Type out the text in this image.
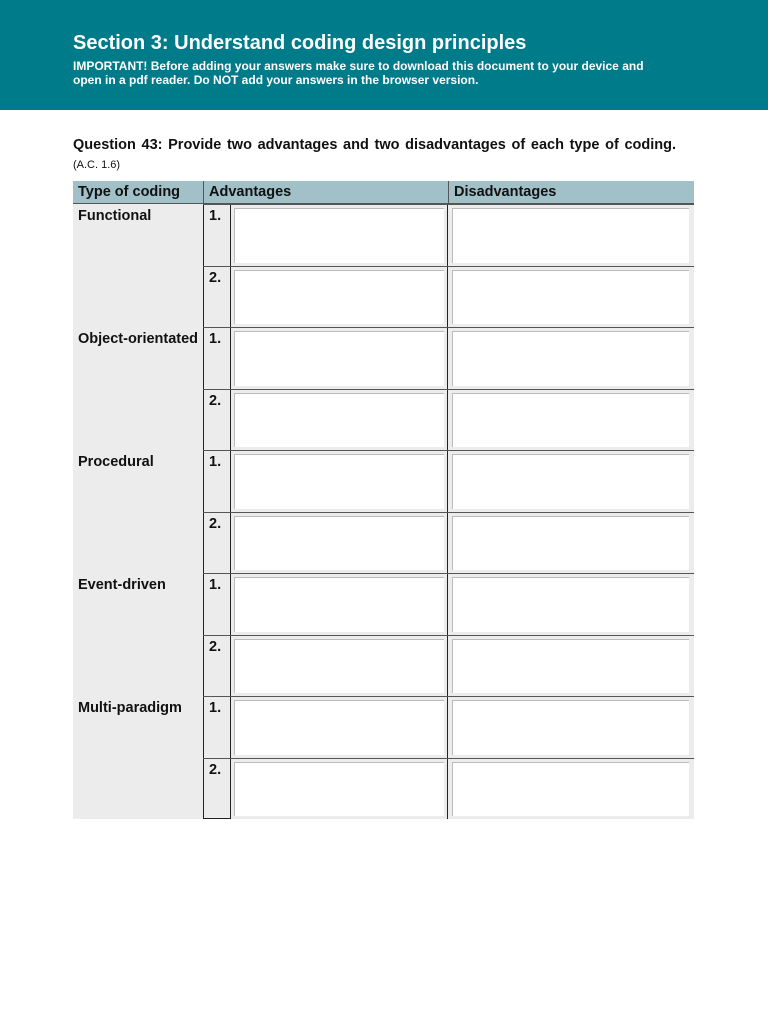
Section 3: Understand coding design principles
IMPORTANT! Before adding your answers make sure to download this document to your device and open in a pdf reader. Do NOT add your answers in the browser version.
Question 43: Provide two advantages and two disadvantages of each type of coding. (A.C. 1.6)
Type of coding	Advantages	Disadvantages
Functional	1.
2.
Object-orientated 1.
2.
Procedural	1.
2.
Event-driven	1.
2.
Multi-paradigm	1.
2.
